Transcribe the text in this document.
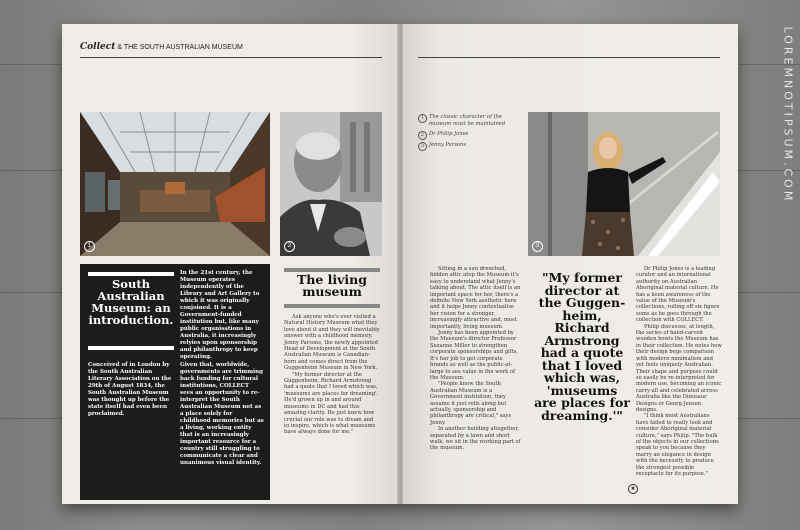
LOREMNOTIPSUM.COM
Collect & THE SOUTH AUSTRALIAN MUSEUM
1	2
South Australian Museum: an introduction.
Conceived of in London by the South Australian Literary Association on the 29th of August 1834, the South Australian Museum was thought up before the state itself had even been proclaimed.
In the 21st century, the Museum operates independently of the Library and Art Gallery to which it was originally conjoined. It is a Government-funded institution but, like many public organisations in Australia, it increasingly relyies upon sponsorship and philanthropy to keep operating.
Given that, worldwide, governments are trimming back funding for cultural institutions, COLLECT sees an opportunity to re-interpret the South Australian Museum not as a place solely for childhood memories but as a living, working entity that is an increasingly important resource for a country still struggling to communicate a clear and unanimous visual identity.
The living museum
Ask anyone who's ever visited a Natural History Museum what they love about it and they will inevitably answer with a childhood memory. Jenny Parsons, the newly appointed Head of Development at the South Australian Museum is Canadian-born and comes direct from the Guggenheim Museum in New York.
"My former director at the Guggenheim, Richard Armstrong had a quote that I loved which was, 'museums are places for dreaming'. He'd grown up in and around museums in DC and had this amazing clarity. He just knew how crucial our role was to dream and to inspire, which is what museums have always done for me."
1 The classic character of the museum must be maintained
2 Dr Philip Jones
3 Jenny Parsons
3
Sitting in a sun drenched, hidden attic atop the Museum it's easy to understand what Jenny's talking about. The attic itself is an important space for her, there's a definite New York aesthetic here and it helps Jenny contextualise her vision for a stronger, increasingly attractive and, most importantly, living museum.
Jenny has been appointed by the Museum's director Professor Suzanne Miller to strengthen corporate sponsorships and gifts. It's her job to get corporate brands as well as the public-at-large to see value in the work of the Museum.
"People know the South Australian Museum is a Government institution, they assume it just rolls along but actually, sponsorship and philanthropy are critical," says Jenny.
In another building altogether, separated by a lawn and short walk, we sit in the working part of the museum.
"My former director at the Guggen-heim, Richard Armstrong had a quote that I loved which was, 'museums are places for dreaming.'"
✖
Dr Philip Jones is a leading curator and an international authority on Australian Aboriginal material culture. He has a keen awareness of the value of the Museum's collections, rolling off six figure sums as he goes through the collection with COLLECT.
Philip discusses, at length, the series of hand-carved wooden bowls the Museum has in their collection. He notes how their design begs comparison with modern minimalism and yet feels uniquely Australian. Their shape and purpose could so easily be re-interpreted for modern use, becoming an iconic carry-all and celebrated across Australia like the Dinosaur Designs or Georg Jensen designs.
"I think most Australians have failed to really look and consider Aboriginal material culture," says Philip. "The bulk of the objects in our collections speak to you because they marry an elegance in design with the necessity to produce the strongest possible receptacle for its purpose."
